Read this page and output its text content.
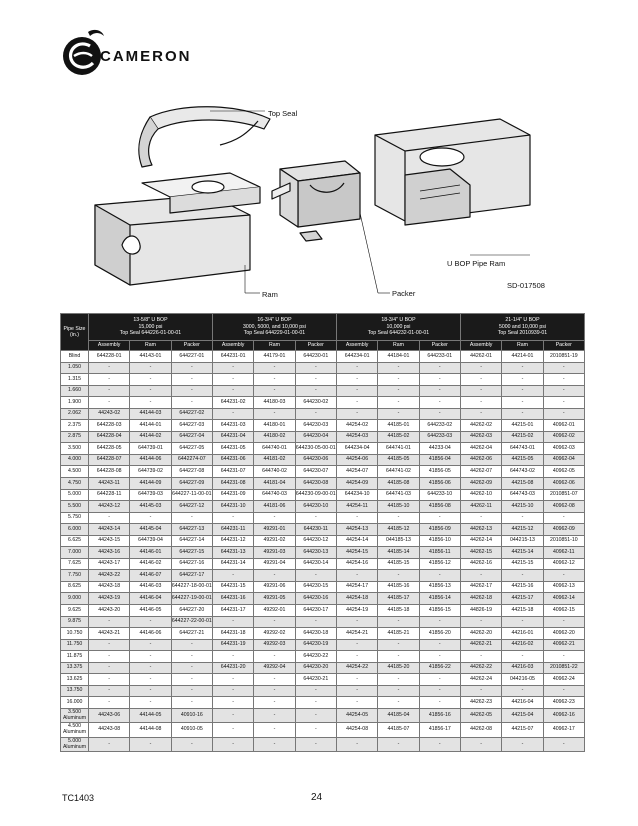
CAMERON
Top Seal
U BOP Pipe Ram
SD-017508
Ram	Packer
Pipe Size
(in.)	13-5/8" U BOP
15,000 psi
Top Seal 644226-01-00-01			16-3/4" U BOP
3000, 5000, and 10,000 psi
Top Seal 644229-01-00-01			18-3/4" U BOP
10,000 psi
Top Seal 644232-01-00-01			21-1/4" U BOP
5000 and 10,000 psi
Top Seal 2010939-01		
	Assembly	Ram	Packer	Assembly	Ram	Packer	Assembly	Ram	Packer	Assembly	Ram	Packer
Blind	644228-01	44143-01	644227-01	644231-01	44179-01	644230-01	644234-01	44184-01	644233-01	44262-01	44214-01	2010851-19
1.050	-	-	-	-	-	-	-	-	-	-	-	-
1.315	-	-	-	-	-	-	-	-	-	-	-	-
1.660	-	-	-	-	-	-	-	-	-	-	-	-
1.900	-	-	-	644231-02	44180-03	644230-02	-	-	-	-	-	-
2.062	44243-02	44144-03	644227-02	-	-	-	-	-	-	-	-	-
2.375	644228-03	44144-01	644227-03	644231-03	44180-01	644230-03	44254-02	44185-01	644233-02	44262-02	44215-01	40962-01
2.875	644228-04	44144-02	644227-04	644231-04	44180-02	644230-04	44254-03	44185-02	644233-03	44262-03	44215-02	40962-02
3.500	644228-05	644739-01	644227-05	644231-05	644740-01	644230-05-00-01	644234-04	644741-01	44233-04	44262-04	644743-01	40962-03
4.000	644228-07	44144-06	6442274-07	644231-06	44181-02	644230-06	44254-06	44185-05	41856-04	44262-06	44215-05	40962-04
4.500	644228-08	644739-02	644227-08	644231-07	644740-02	644230-07	44254-07	644741-02	41856-05	44262-07	644743-02	40962-05
4.750	44243-11	44144-09	644227-09	644231-08	44181-04	644230-08	44254-09	44185-08	41856-06	44262-09	44215-08	40962-06
5.000	644228-11	644739-03	644227-11-00-01	644231-09	644740-03	644230-09-00-01	644234-10	644741-03	644233-10	44262-10	644743-03	2010851-07
5.500	44243-12	44145-03	644227-12	644231-10	44181-06	644230-10	44254-11	44185-10	41856-08	44262-11	44215-10	40962-08
5.750	-	-	-	-	-	-	-	-	-	-	-	-
6.000	44243-14	44145-04	644227-13	644231-11	49291-01	644230-11	44254-13	44185-12	41856-09	44262-13	44215-12	40962-09
6.625	44243-15	644739-04	644227-14	644231-12	49291-02	644230-12	44254-14	044185-13	41856-10	44262-14	044215-13	2010851-10
7.000	44243-16	44146-01	644227-15	644231-13	49291-03	644230-13	44254-15	44185-14	41856-11	44262-15	44215-14	40962-11
7.625	44243-17	44146-02	644227-16	644231-14	49291-04	644230-14	44254-16	44185-15	41856-12	44262-16	44215-15	40962-12
7.750	44243-22	44146-07	644227-17	-	-	-	-	-	-	-	-	-
8.625	44243-18	44146-03	644227-18-00-01	644231-15	49291-06	644230-15	44254-17	44185-16	41856-13	44262-17	44215-16	40962-13
9.000	44243-19	44146-04	644227-19-00-01	644231-16	49291-05	644230-16	44254-18	44185-17	41856-14	44262-18	44215-17	40962-14
9.625	44243-20	44146-05	644227-20	644231-17	49292-01	644230-17	44254-19	44185-18	41856-15	44826-19	44215-18	40962-15
9.875	-	-	644227-22-00-01	-	-	-	-	-	-	-	-	-
10.750	44243-21	44146-06	644227-21	644231-18	49292-02	644230-18	44254-21	44185-21	41856-20	44262-20	44216-01	40962-20
11.750	-	-	-	644231-19	49292-03	644230-19	-	-	-	44262-21	44216-02	40962-21
11.875	-	-	-	-	-	644230-22	-	-	-	-	-	-
13.375	-	-	-	644231-20	49292-04	644230-20	44254-22	44185-20	41856-22	44262-22	44216-03	2010851-22
13.625	-	-	-	-	-	644230-21	-	-	-	44262-24	044216-05	40962-24
13.750	-	-	-	-	-	-	-	-	-	-	-	-
16.000	-	-	-	-	-	-	-	-	-	44262-23	44216-04	40962-23
3.500
Aluminum	44243-06	44144-05	40910-16	-	-	-	44254-05	44185-04	41856-16	44262-05	44215-04	40962-16
4.500
Aluminum	44243-08	44144-08	40910-05	-	-	-	44254-08	44185-07	41856-17	44262-08	44215-07	40962-17
5.000
Aluminum	-	-	-	-	-	-	-	-	-	-	-	-
TC1403	24
